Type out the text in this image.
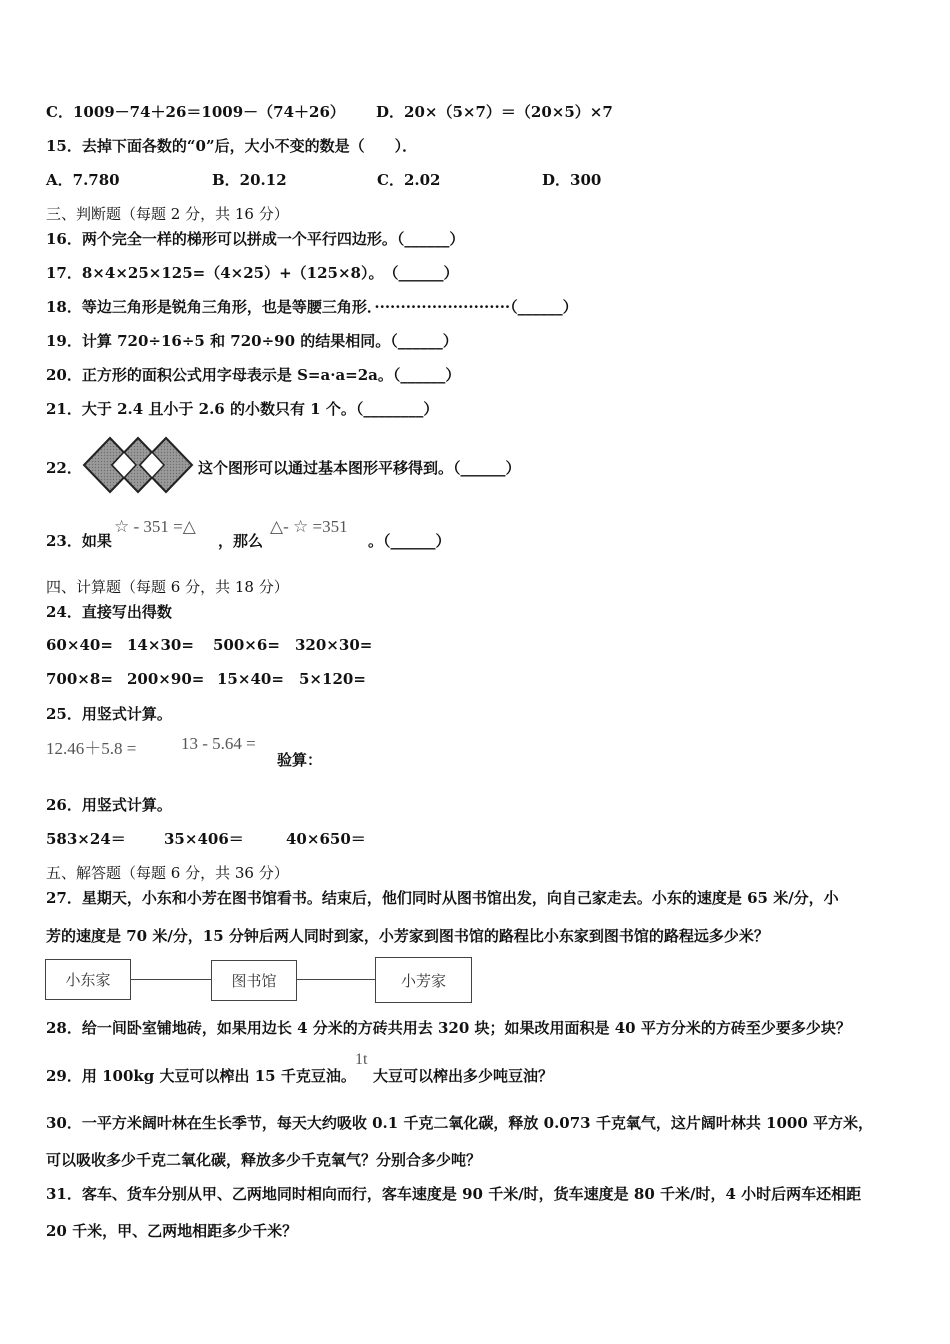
C．1009－74＋26＝1009－（74＋26） D．20×（5×7）＝（20×5）×7
15．去掉下面各数的“0”后，大小不变的数是（　　）．
A．7.780	B．20.12	C．2.02	D．300
三、判断题（每题 2 分，共 16 分）
16．两个完全一样的梯形可以拼成一个平行四边形。（______）
17．8×4×25×125=（4×25）+（125×8）。　（______）
18．等边三角形是锐角三角形，也是等腰三角形．··························（______）
19．计算 720÷16÷5 和 720÷90 的结果相同。（______）
20．正方形的面积公式用字母表示是 S=a·a=2a。（______）
21．大于 2.4 且小于 2.6 的小数只有 1 个。（________）
22．	这个图形可以通过基本图形平移得到。（______）
23．如果
☆ - 351 =△
，那么
△- ☆ =351
。（______）
四、计算题（每题 6 分，共 18 分）
24．直接写出得数
60×40= 14×30= 500×6= 320×30=
700×8= 200×90= 15×40= 5×120=
25．用竖式计算。
12.46＋5.8 =	13 - 5.64 =
验算：
26．用竖式计算。
583×24＝	35×406＝	40×650＝
五、解答题（每题 6 分，共 36 分）
27．星期天，小东和小芳在图书馆看书。结束后，他们同时从图书馆出发，向自己家走去。小东的速度是 65 米/分，小
芳的速度是 70 米/分，15 分钟后两人同时到家，小芳家到图书馆的路程比小东家到图书馆的路程远多少米？
小东家	图书馆	小芳家
28．给一间卧室铺地砖，如果用边长 4 分米的方砖共用去 320 块；如果改用面积是 40 平方分米的方砖至少要多少块？
29．用 100kg 大豆可以榨出 15 千克豆油。
1t
大豆可以榨出多少吨豆油？
30．一平方米阔叶林在生长季节，每天大约吸收 0.1 千克二氧化碳，释放 0.073 千克氧气，这片阔叶林共 1000 平方米，
可以吸收多少千克二氧化碳，释放多少千克氧气？分别合多少吨？
31．客车、货车分别从甲、乙两地同时相向而行，客车速度是 90 千米/时，货车速度是 80 千米/时，4 小时后两车还相距
20 千米，甲、乙两地相距多少千米？
